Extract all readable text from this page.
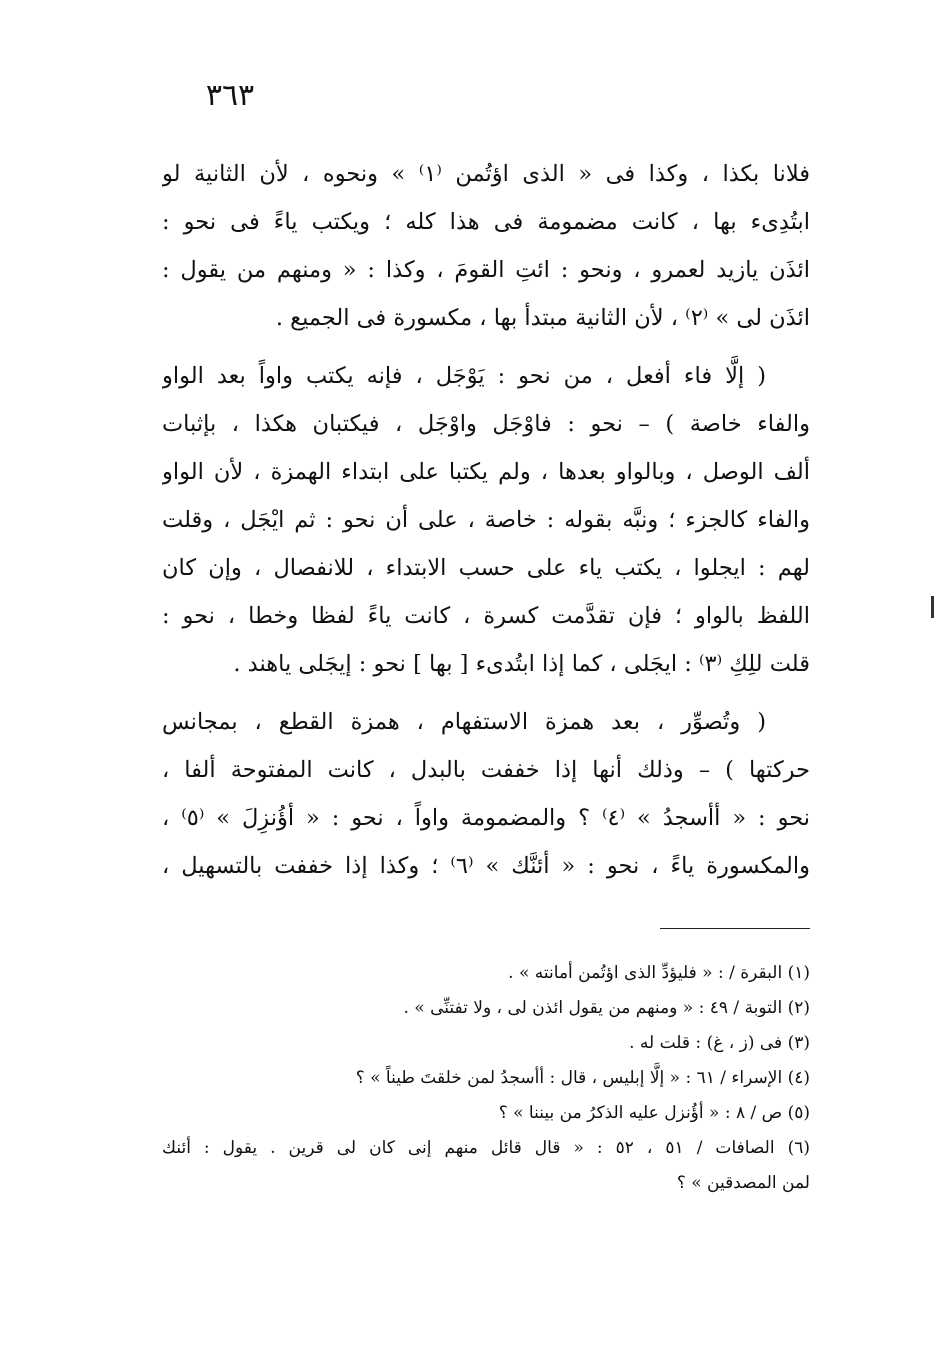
٣٦٣
فلانا بكذا ، وكذا فى « الذى اؤتُمن ⁽١⁾ » ونحوه ، لأن الثانية لو
ابتُدِىء بها ، كانت مضمومة فى هذا كله ؛ ويكتب ياءً فى نحو :
ائذَن يازيد لعمرو ، ونحو : ائتِ القومَ ، وكذا : « ومنهم من يقول :
ائذَن لى » ⁽٢⁾ ، لأن الثانية مبتدأ بها ، مكسورة فى الجميع .
( إلَّا فاء أفعل ، من نحو : يَوْجَل ، فإنه يكتب واواً بعد الواو
والفاء خاصة ) – نحو : فاوْجَل واوْجَل ، فيكتبان هكذا ، بإثبات
ألف الوصل ، وبالواو بعدها ، ولم يكتبا على ابتداء الهمزة ، لأن الواو
والفاء كالجزء ؛ ونبَّه بقوله : خاصة ، على أن نحو : ثم ايْجَل ، وقلت
لهم : ايجلوا ، يكتب ياء على حسب الابتداء ، للانفصال ، وإن كان
اللفظ بالواو ؛ فإن تقدَّمت كسرة ، كانت ياءً لفظا وخطا ، نحو :
قلت للِكِ ⁽٣⁾ : ايجَلى ، كما إذا ابتُدىء [ بها ] نحو : إيجَلى ياهند .
( وتُصوِّر ، بعد همزة الاستفهام ، همزة القطع ، بمجانس
حركتها ) – وذلك أنها إذا خففت بالبدل ، كانت المفتوحة ألفا ،
نحو : « أأسجدُ » ⁽٤⁾ ؟ والمضمومة واواً ، نحو : « أؤُنزِلَ » ⁽٥⁾ ،
والمكسورة ياءً ، نحو : « أئنَّك » ⁽٦⁾ ؛ وكذا إذا خففت بالتسهيل ،
(١) البقرة / : « فليؤدِّ الذى اؤتُمن أمانته » .
(٢) التوبة / ٤٩ : « ومنهم من يقول ائذن لى ، ولا تفتنِّى » .
(٣) فى (ز ، غ) : قلت له .
(٤) الإسراء / ٦١ : « إلَّا إبليس ، قال : أأسجدُ لمن خلقتَ طيناً » ؟
(٥) ص / ٨ : « أؤُنزل عليه الذكرُ من بيننا » ؟
(٦) الصافات / ٥١ ، ٥٢ : « قال قائل منهم إنى كان لى قرين . يقول : أئنك
لمن المصدقين » ؟
